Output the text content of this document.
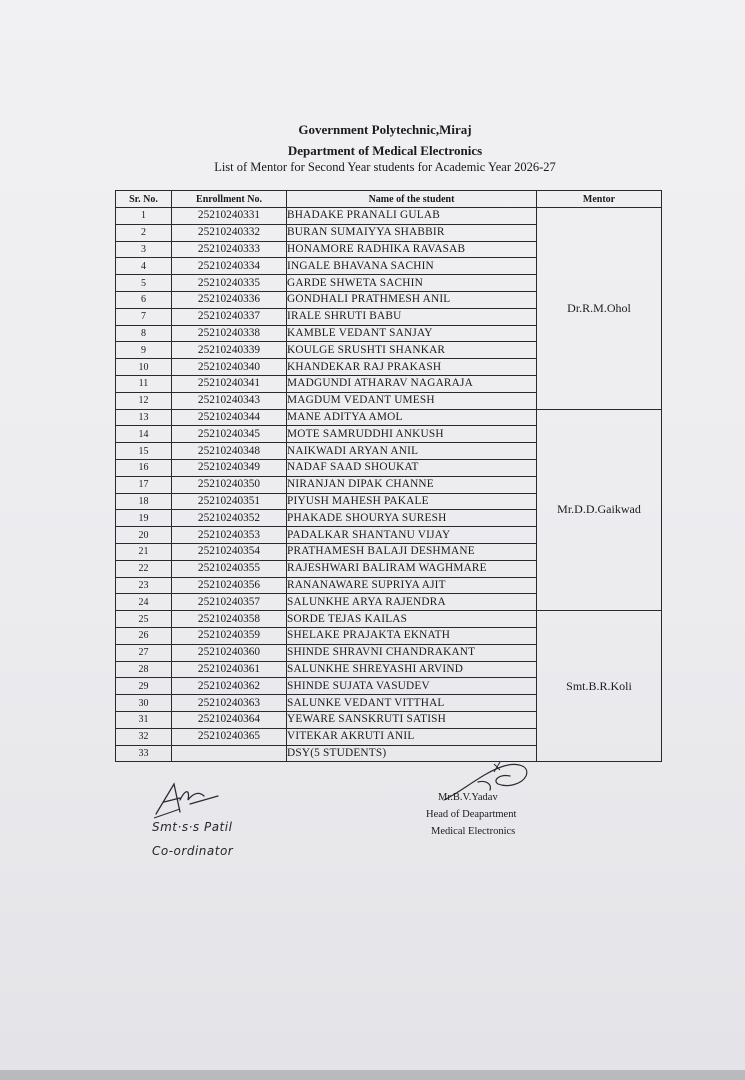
Government Polytechnic,Miraj
Department of Medical Electronics
List of Mentor for Second Year students for Academic Year 2026-27
Sr. No.	Enrollment No.	Name of the student	Mentor
1	25210240331	BHADAKE PRANALI GULAB	Dr.R.M.Ohol
2	25210240332	BURAN SUMAIYYA SHABBIR	
3	25210240333	HONAMORE RADHIKA RAVASAB	
4	25210240334	INGALE BHAVANA SACHIN	
5	25210240335	GARDE SHWETA SACHIN	
6	25210240336	GONDHALI PRATHMESH ANIL	
7	25210240337	IRALE SHRUTI BABU	
8	25210240338	KAMBLE VEDANT SANJAY	
9	25210240339	KOULGE SRUSHTI SHANKAR	
10	25210240340	KHANDEKAR RAJ PRAKASH	
11	25210240341	MADGUNDI ATHARAV NAGARAJA	
12	25210240343	MAGDUM VEDANT UMESH	
13	25210240344	MANE ADITYA AMOL	Mr.D.D.Gaikwad
14	25210240345	MOTE SAMRUDDHI ANKUSH	
15	25210240348	NAIKWADI ARYAN ANIL	
16	25210240349	NADAF SAAD SHOUKAT	
17	25210240350	NIRANJAN DIPAK CHANNE	
18	25210240351	PIYUSH MAHESH PAKALE	
19	25210240352	PHAKADE SHOURYA SURESH	
20	25210240353	PADALKAR SHANTANU VIJAY	
21	25210240354	PRATHAMESH BALAJI DESHMANE	
22	25210240355	RAJESHWARI BALIRAM WAGHMARE	
23	25210240356	RANANAWARE SUPRIYA AJIT	
24	25210240357	SALUNKHE ARYA RAJENDRA	
25	25210240358	SORDE TEJAS KAILAS	Smt.B.R.Koli
26	25210240359	SHELAKE PRAJAKTA EKNATH	
27	25210240360	SHINDE SHRAVNI CHANDRAKANT	
28	25210240361	SALUNKHE SHREYASHI ARVIND	
29	25210240362	SHINDE SUJATA VASUDEV	
30	25210240363	SALUNKE VEDANT VITTHAL	
31	25210240364	YEWARE SANSKRUTI SATISH	
32	25210240365	VITEKAR AKRUTI ANIL	
33		DSY(5 STUDENTS)	
Smt·s·s Patil
Co-ordinator
Mr.B.V.Yadav
Head of Deapartment
Medical Electronics
